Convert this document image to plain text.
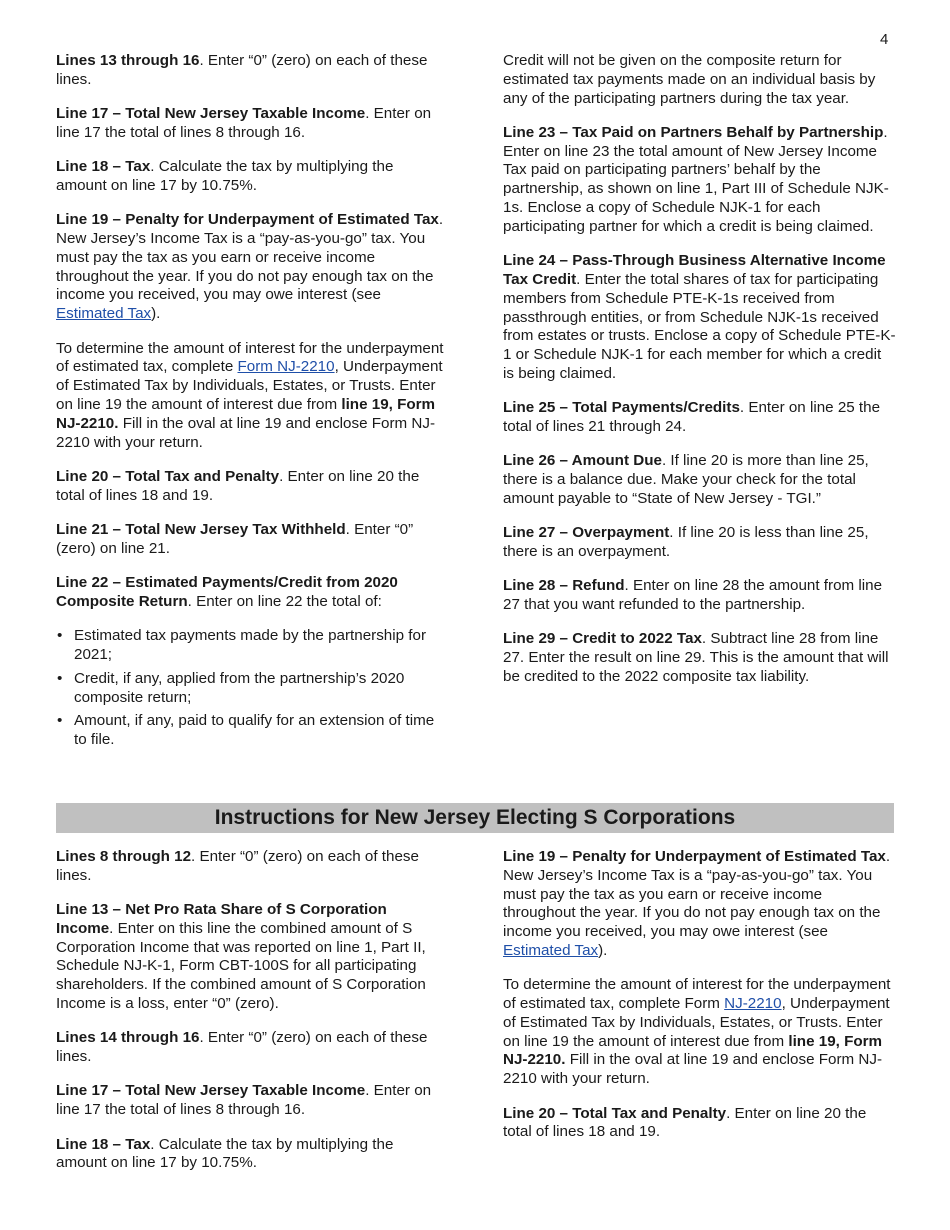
4

Lines 13 through 16. Enter “0” (zero) on each of these lines.

Line 17 – Total New Jersey Taxable Income. Enter on line 17 the total of lines 8 through 16.

Line 18 – Tax. Calculate the tax by multiplying the amount on line 17 by 10.75%.

Line 19 – Penalty for Underpayment of Estimated Tax. New Jersey’s Income Tax is a “pay-as-you-go” tax. You must pay the tax as you earn or receive income throughout the year. If you do not pay enough tax on the income you received, you may owe interest (see Estimated Tax).

To determine the amount of interest for the underpayment of estimated tax, complete Form NJ-2210, Underpayment of Estimated Tax by Individuals, Estates, or Trusts. Enter on line 19 the amount of interest due from line 19, Form NJ-2210. Fill in the oval at line 19 and enclose Form NJ-2210 with your return.

Line 20 – Total Tax and Penalty. Enter on line 20 the total of lines 18 and 19.

Line 21 – Total New Jersey Tax Withheld. Enter “0” (zero) on line 21.

Line 22 – Estimated Payments/Credit from 2020 Composite Return. Enter on line 22 the total of:

• Estimated tax payments made by the partnership for 2021;
• Credit, if any, applied from the partnership’s 2020 composite return;
• Amount, if any, paid to qualify for an extension of time to file.

Credit will not be given on the composite return for estimated tax payments made on an individual basis by any of the participating partners during the tax year.

Line 23 – Tax Paid on Partners Behalf by Partnership. Enter on line 23 the total amount of New Jersey Income Tax paid on participating partners’ behalf by the partnership, as shown on line 1, Part III of Schedule NJK-1s. Enclose a copy of Schedule NJK-1 for each participating partner for which a credit is being claimed.

Line 24 – Pass-Through Business Alternative Income Tax Credit. Enter the total shares of tax for participating members from Schedule PTE-K-1s received from passthrough entities, or from Schedule NJK-1s received from estates or trusts. Enclose a copy of Schedule PTE-K-1 or Schedule NJK-1 for each member for which a credit is being claimed.

Line 25 – Total Payments/Credits. Enter on line 25 the total of lines 21 through 24.

Line 26 – Amount Due. If line 20 is more than line 25, there is a balance due. Make your check for the total amount payable to “State of New Jersey - TGI.”

Line 27 – Overpayment. If line 20 is less than line 25, there is an overpayment.

Line 28 – Refund. Enter on line 28 the amount from line 27 that you want refunded to the partnership.

Line 29 – Credit to 2022 Tax. Subtract line 28 from line 27. Enter the result on line 29. This is the amount that will be credited to the 2022 composite tax liability.

Instructions for New Jersey Electing S Corporations

Lines 8 through 12. Enter “0” (zero) on each of these lines.

Line 13 – Net Pro Rata Share of S Corporation Income. Enter on this line the combined amount of S Corporation Income that was reported on line 1, Part II, Schedule NJ-K-1, Form CBT-100S for all participating shareholders. If the combined amount of S Corporation Income is a loss, enter “0” (zero).

Lines 14 through 16. Enter “0” (zero) on each of these lines.

Line 17 – Total New Jersey Taxable Income. Enter on line 17 the total of lines 8 through 16.

Line 18 – Tax. Calculate the tax by multiplying the amount on line 17 by 10.75%.

Line 19 – Penalty for Underpayment of Estimated Tax. New Jersey’s Income Tax is a “pay-as-you-go” tax. You must pay the tax as you earn or receive income throughout the year. If you do not pay enough tax on the income you received, you may owe interest (see Estimated Tax).

To determine the amount of interest for the underpayment of estimated tax, complete Form NJ-2210, Underpayment of Estimated Tax by Individuals, Estates, or Trusts. Enter on line 19 the amount of interest due from line 19, Form NJ-2210. Fill in the oval at line 19 and enclose Form NJ-2210 with your return.

Line 20 – Total Tax and Penalty. Enter on line 20 the total of lines 18 and 19.
